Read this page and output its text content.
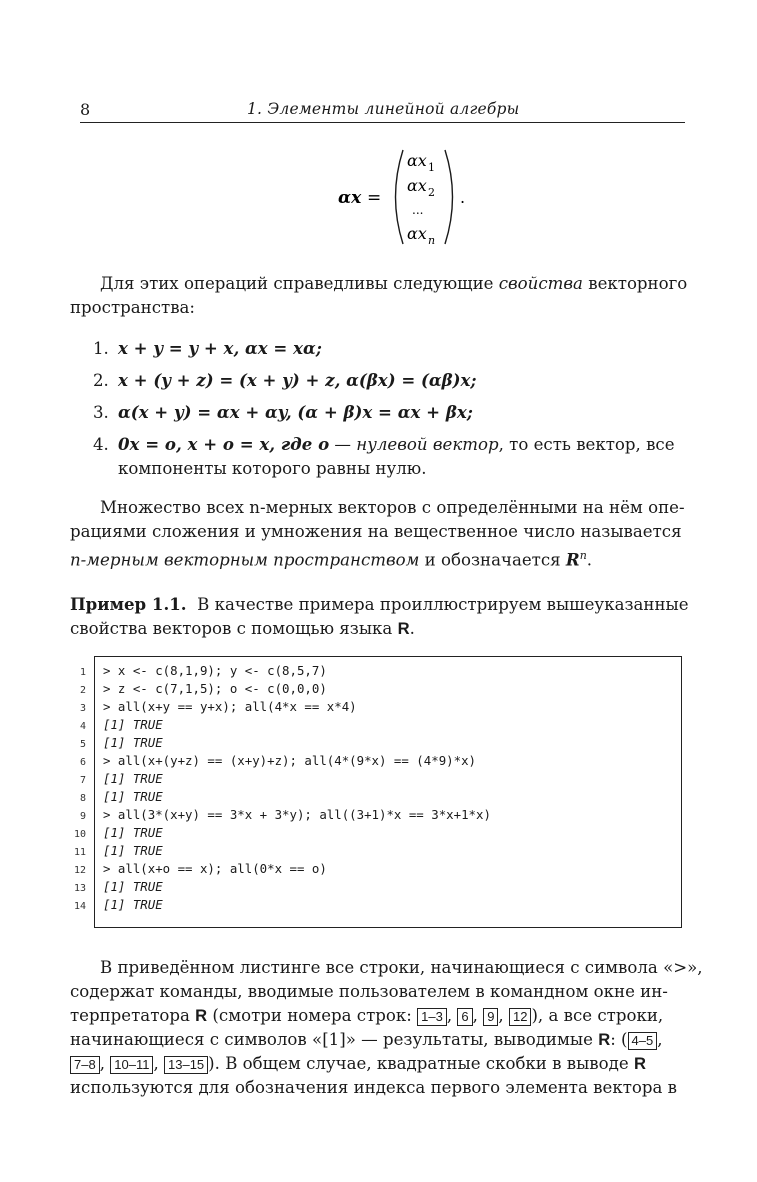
8	1. Элементы линейной алгебры
αx =
αx 1
αx 2
...
αx n
.
Для этих операций справедливы следующие свойства векторного
пространства:
1. x + y = y + x, αx = xα;
2. x + (y + z) = (x + y) + z, α(βx) = (αβ)x;
3. α(x + y) = αx + αy, (α + β)x = αx + βx;
4. 0x = o, x + o = x, где o — нулевой вектор, то есть вектор, все
компоненты которого равны нулю.
Множество всех n-мерных векторов с определёнными на нём опе-
рациями сложения и умножения на вещественное число называется
n-мерным векторным пространством и обозначается $R^n$.
Пример 1.1. В качестве примера проиллюстрируем вышеуказанные
свойства векторов с помощью языка R.
1 > x <- c(8,1,9); y <- c(8,5,7)
2 > z <- c(7,1,5); o <- c(0,0,0)
3 > all(x+y == y+x); all(4*x == x*4)
4 [1] TRUE
5 [1] TRUE
6 > all(x+(y+z) == (x+y)+z); all(4*(9*x) == (4*9)*x)
7 [1] TRUE
8 [1] TRUE
9 > all(3*(x+y) == 3*x + 3*y); all((3+1)*x == 3*x+1*x)
10 [1] TRUE
11 [1] TRUE
12 > all(x+o == x); all(0*x == o)
13 [1] TRUE
14 [1] TRUE
В приведённом листинге все строки, начинающиеся с символа «>»,
содержат команды, вводимые пользователем в командном окне ин-
терпретатора R (смотри номера строк: 1–3 , 6 , 9 , 12 ), а все строки,
начинающиеся с символов «[1]» — результаты, выводимые R: ( 4–5 ,
7–8 , 10–11 , 13–15 ). В общем случае, квадратные скобки в выводе R
используются для обозначения индекса первого элемента вектора в
